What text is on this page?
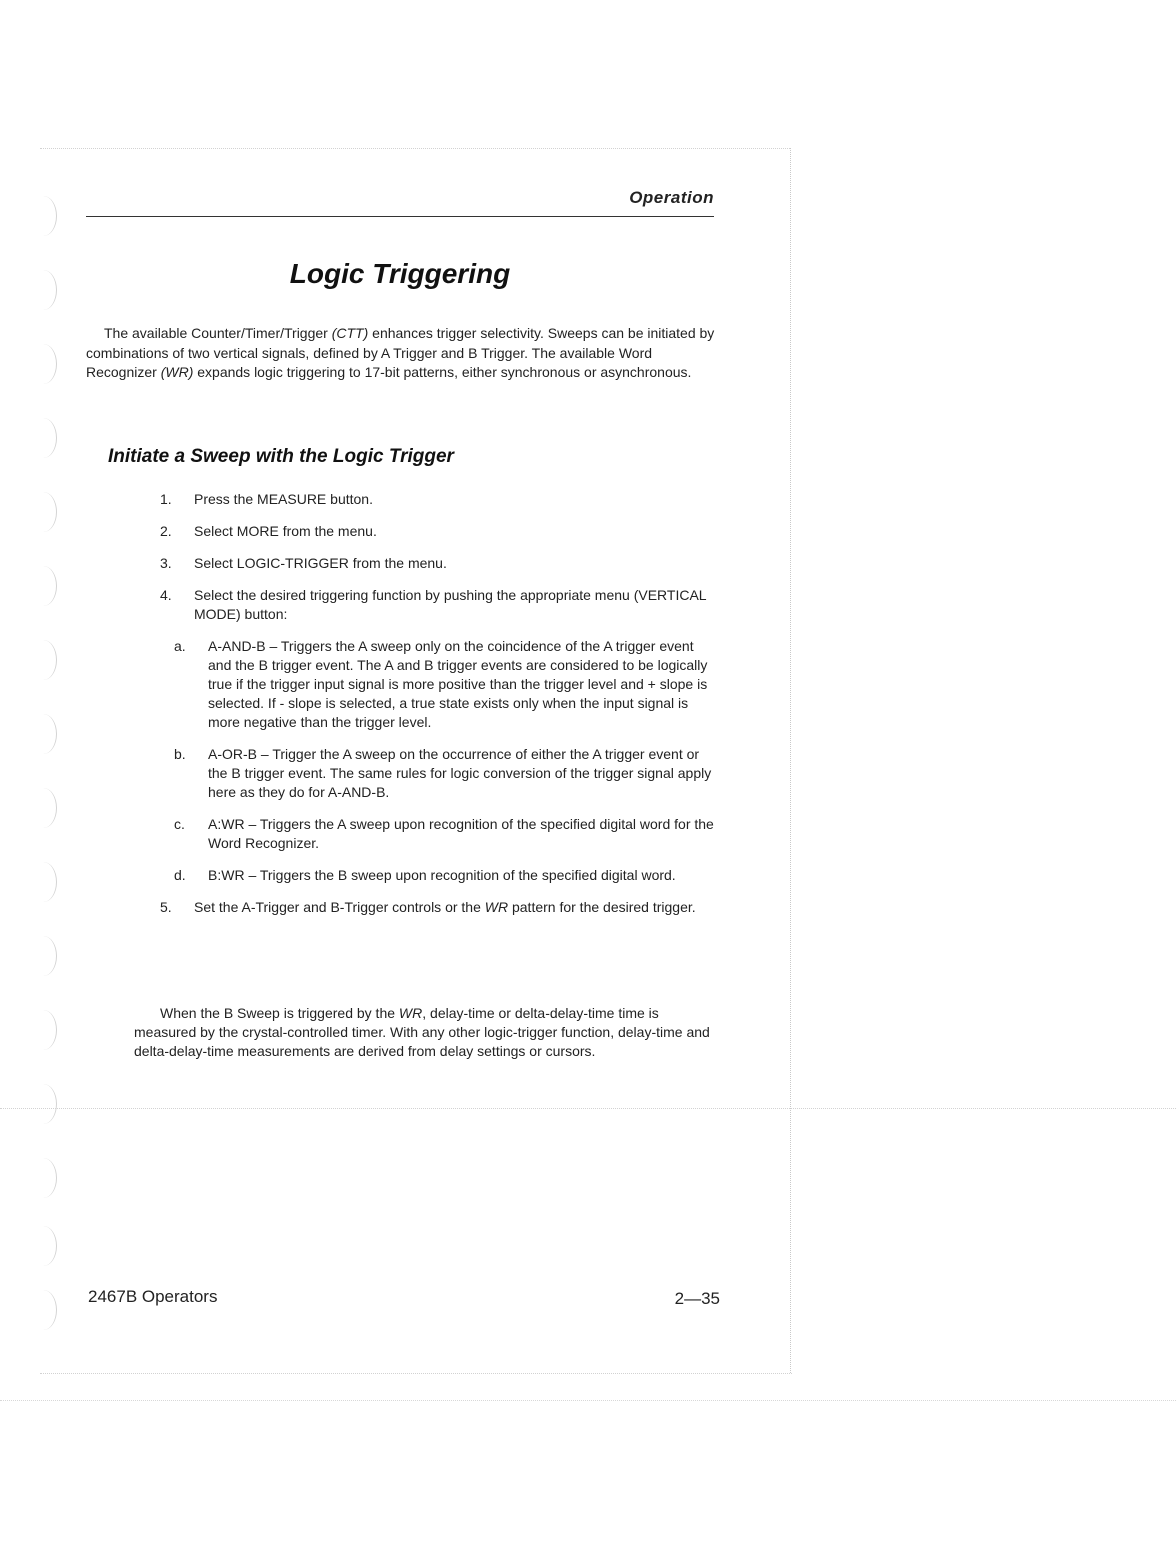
Operation
Logic Triggering
The available Counter/Timer/Trigger (CTT) enhances trigger selectivity. Sweeps can be initiated by combinations of two vertical signals, defined by A Trigger and B Trigger. The available Word Recognizer (WR) expands logic triggering to 17-bit patterns, either synchronous or asynchronous.
Initiate a Sweep with the Logic Trigger
1. Press the MEASURE button.
2. Select MORE from the menu.
3. Select LOGIC-TRIGGER from the menu.
4. Select the desired triggering function by pushing the appropriate menu (VERTICAL MODE) button:
a. A-AND-B – Triggers the A sweep only on the coincidence of the A trigger event and the B trigger event. The A and B trigger events are considered to be logically true if the trigger input signal is more positive than the trigger level and + slope is selected. If - slope is selected, a true state exists only when the input signal is more negative than the trigger level.
b. A-OR-B – Trigger the A sweep on the occurrence of either the A trigger event or the B trigger event. The same rules for logic conversion of the trigger signal apply here as they do for A-AND-B.
c. A:WR – Triggers the A sweep upon recognition of the specified digital word for the Word Recognizer.
d. B:WR – Triggers the B sweep upon recognition of the specified digital word.
5. Set the A-Trigger and B-Trigger controls or the WR pattern for the desired trigger.
When the B Sweep is triggered by the WR, delay-time or delta-delay-time time is measured by the crystal-controlled timer. With any other logic-trigger function, delay-time and delta-delay-time measurements are derived from delay settings or cursors.
2467B Operators	2—35
